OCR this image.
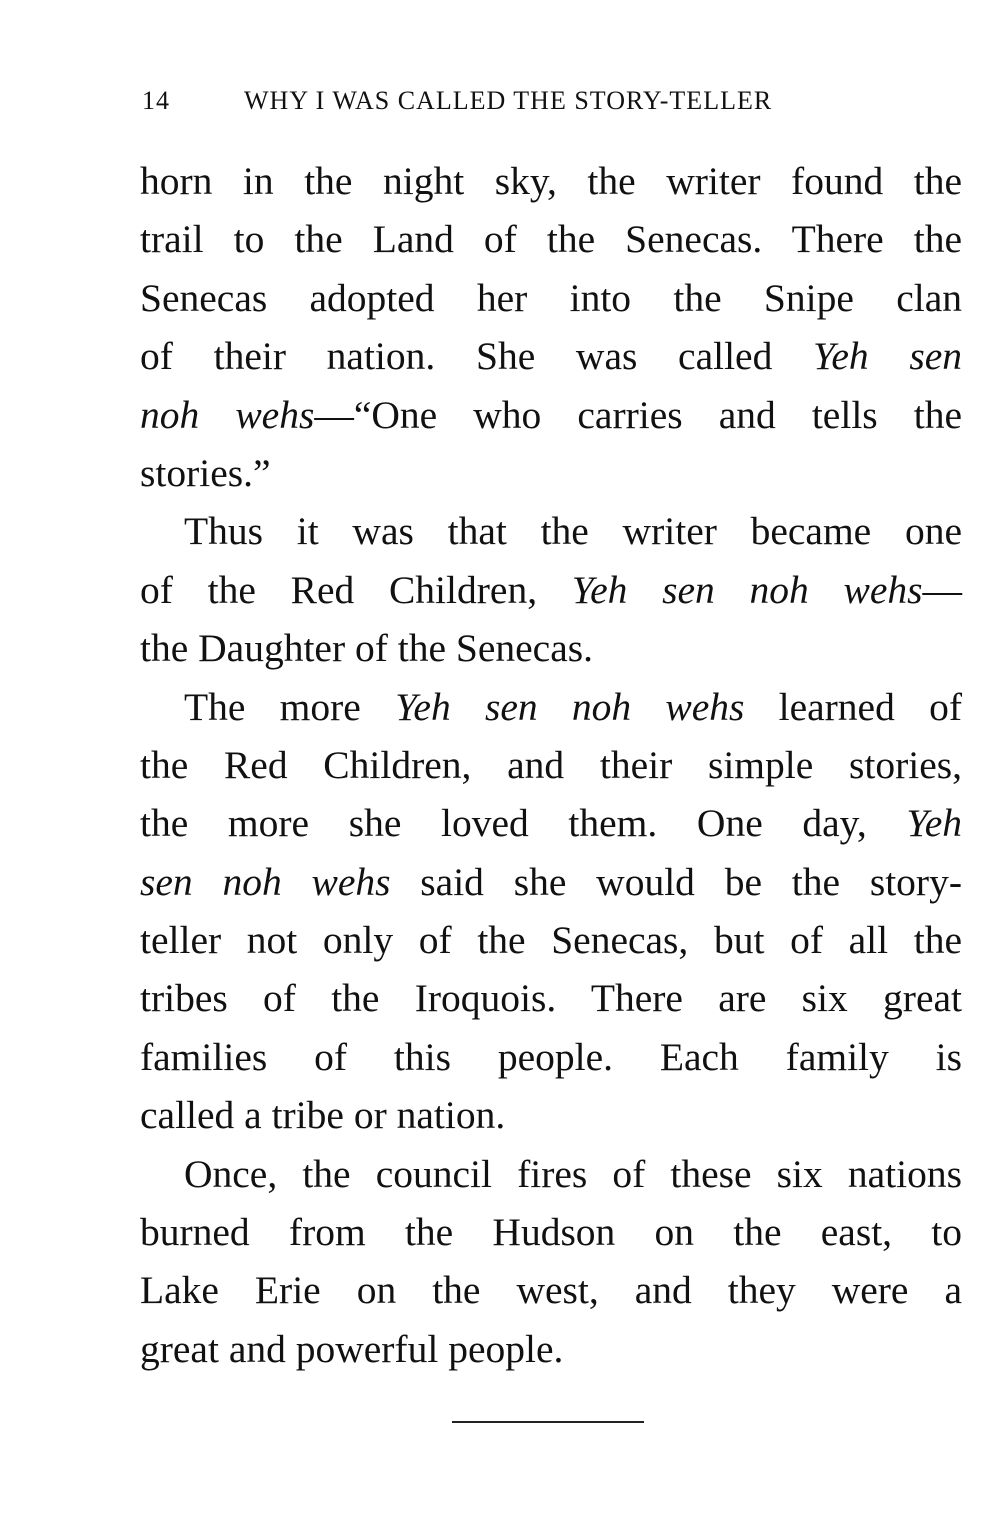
14	WHY I WAS CALLED THE STORY-TELLER
horn in the night sky, the writer found the
trail to the Land of the Senecas. There the
Senecas adopted her into the Snipe clan
of their nation. She was called Yeh sen
noh wehs—“One who carries and tells the
stories.”
Thus it was that the writer became one
of the Red Children, Yeh sen noh wehs—
the Daughter of the Senecas.
The more Yeh sen noh wehs learned of
the Red Children, and their simple stories,
the more she loved them. One day, Yeh
sen noh wehs said she would be the story-
teller not only of the Senecas, but of all the
tribes of the Iroquois. There are six great
families of this people. Each family is
called a tribe or nation.
Once, the council fires of these six nations
burned from the Hudson on the east, to
Lake Erie on the west, and they were a
great and powerful people.
